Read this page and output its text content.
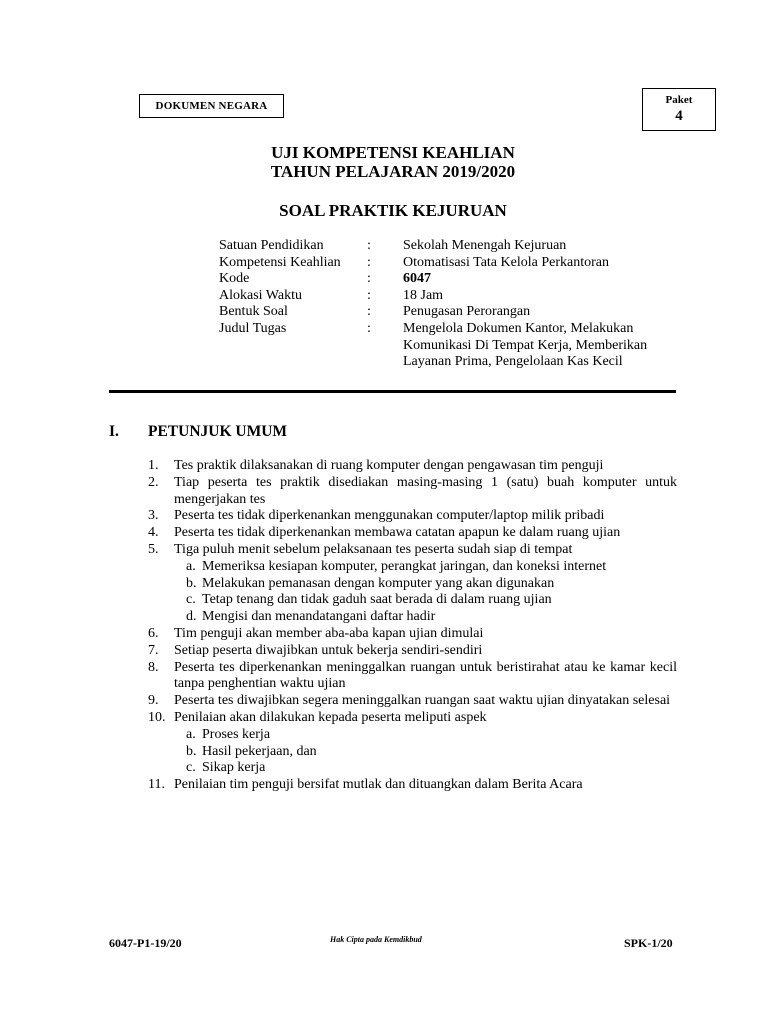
DOKUMEN NEGARA	Paket
4
UJI KOMPETENSI KEAHLIAN
TAHUN PELAJARAN 2019/2020
SOAL PRAKTIK KEJURUAN
Satuan Pendidikan	:	Sekolah Menengah Kejuruan
Kompetensi Keahlian	:	Otomatisasi Tata Kelola Perkantoran
Kode	:	6047
Alokasi Waktu	:	18 Jam
Bentuk Soal	:	Penugasan Perorangan
Judul Tugas	:	Mengelola Dokumen Kantor, Melakukan Komunikasi Di Tempat Kerja, Memberikan Layanan Prima, Pengelolaan Kas Kecil
I. PETUNJUK UMUM
1.	Tes praktik dilaksanakan di ruang komputer dengan pengawasan tim penguji
2.	Tiap peserta tes praktik disediakan masing-masing 1 (satu) buah komputer untuk mengerjakan tes
3.	Peserta tes tidak diperkenankan menggunakan computer/laptop milik pribadi
4.	Peserta tes tidak diperkenankan membawa catatan apapun ke dalam ruang ujian
5.	Tiga puluh menit sebelum pelaksanaan tes peserta sudah siap di tempat
a. Memeriksa kesiapan komputer, perangkat jaringan, dan koneksi internet
b. Melakukan pemanasan dengan komputer yang akan digunakan
c. Tetap tenang dan tidak gaduh saat berada di dalam ruang ujian
d. Mengisi dan menandatangani daftar hadir
6.	Tim penguji akan member aba-aba kapan ujian dimulai
7.	Setiap peserta diwajibkan untuk bekerja sendiri-sendiri
8.	Peserta tes diperkenankan meninggalkan ruangan untuk beristirahat atau ke kamar kecil tanpa penghentian waktu ujian
9.	Peserta tes diwajibkan segera meninggalkan ruangan saat waktu ujian dinyatakan selesai
10. Penilaian akan dilakukan kepada peserta meliputi aspek
a. Proses kerja
b. Hasil pekerjaan, dan
c. Sikap kerja
11. Penilaian tim penguji bersifat mutlak dan dituangkan dalam Berita Acara
6047-P1-19/20	Hak Cipta pada Kemdikbud	SPK-1/20
